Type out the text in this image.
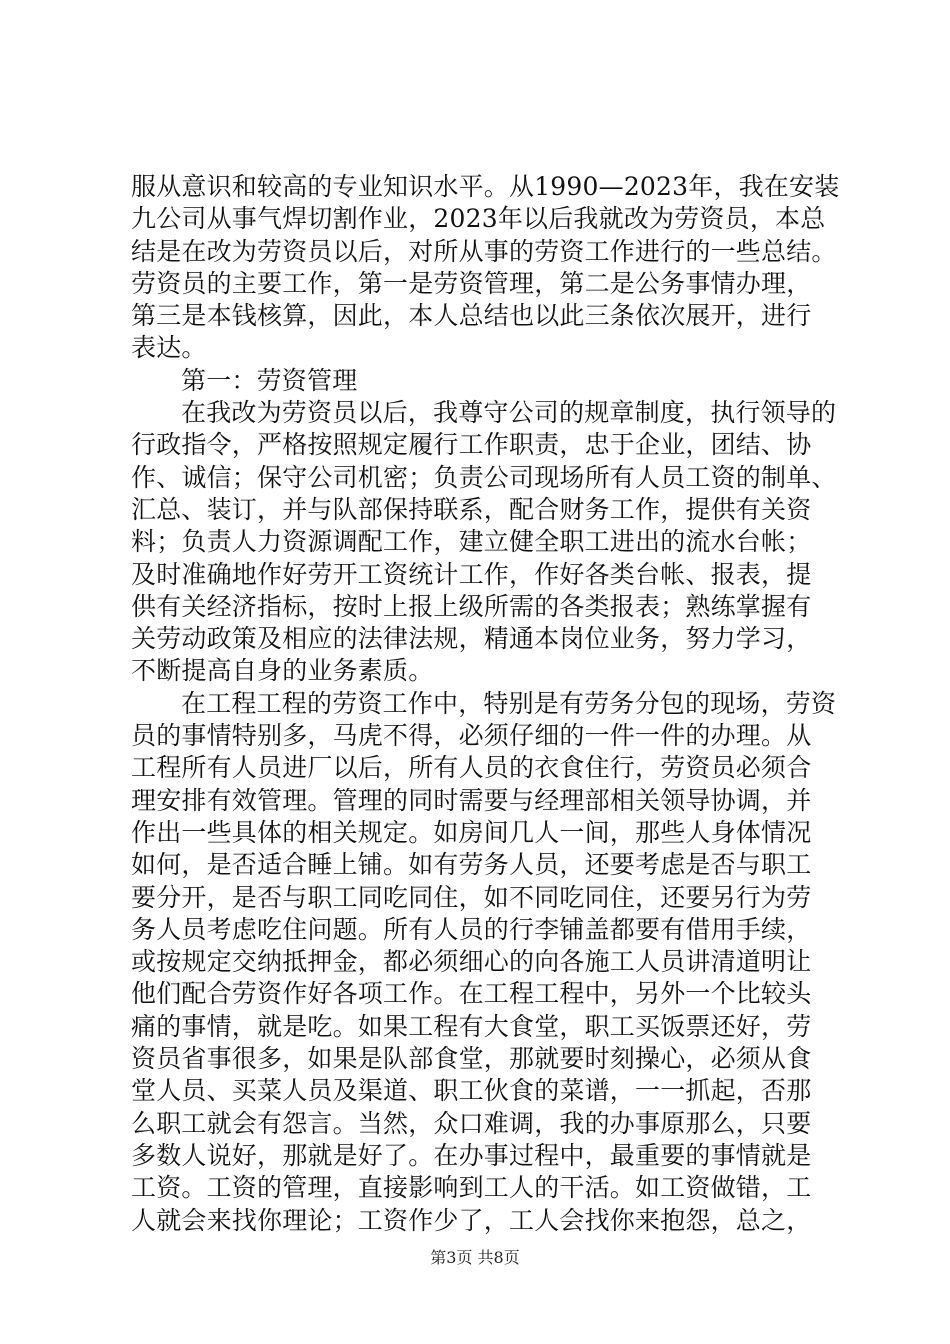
服从意识和较高的专业知识水平。从1990—2023年，我在安装
九公司从事气焊切割作业，2023年以后我就改为劳资员，本总
结是在改为劳资员以后，对所从事的劳资工作进行的一些总结。
劳资员的主要工作，第一是劳资管理，第二是公务事情办理，
第三是本钱核算，因此，本人总结也以此三条依次展开，进行
表达。
第一：劳资管理
在我改为劳资员以后，我尊守公司的规章制度，执行领导的
行政指令，严格按照规定履行工作职责，忠于企业，团结、协
作、诚信；保守公司机密；负责公司现场所有人员工资的制单、
汇总、装订，并与队部保持联系，配合财务工作，提供有关资
料；负责人力资源调配工作，建立健全职工进出的流水台帐；
及时准确地作好劳开工资统计工作，作好各类台帐、报表，提
供有关经济指标，按时上报上级所需的各类报表；熟练掌握有
关劳动政策及相应的法律法规，精通本岗位业务，努力学习，
不断提高自身的业务素质。
在工程工程的劳资工作中，特别是有劳务分包的现场，劳资
员的事情特别多，马虎不得，必须仔细的一件一件的办理。从
工程所有人员进厂以后，所有人员的衣食住行，劳资员必须合
理安排有效管理。管理的同时需要与经理部相关领导协调，并
作出一些具体的相关规定。如房间几人一间，那些人身体情况
如何，是否适合睡上铺。如有劳务人员，还要考虑是否与职工
要分开，是否与职工同吃同住，如不同吃同住，还要另行为劳
务人员考虑吃住问题。所有人员的行李铺盖都要有借用手续，
或按规定交纳抵押金，都必须细心的向各施工人员讲清道明让
他们配合劳资作好各项工作。在工程工程中，另外一个比较头
痛的事情，就是吃。如果工程有大食堂，职工买饭票还好，劳
资员省事很多，如果是队部食堂，那就要时刻操心，必须从食
堂人员、买菜人员及渠道、职工伙食的菜谱，一一抓起，否那
么职工就会有怨言。当然，众口难调，我的办事原那么，只要
多数人说好，那就是好了。在办事过程中，最重要的事情就是
工资。工资的管理，直接影响到工人的干活。如工资做错，工
人就会来找你理论；工资作少了，工人会找你来抱怨，总之，
第3页 共8页
